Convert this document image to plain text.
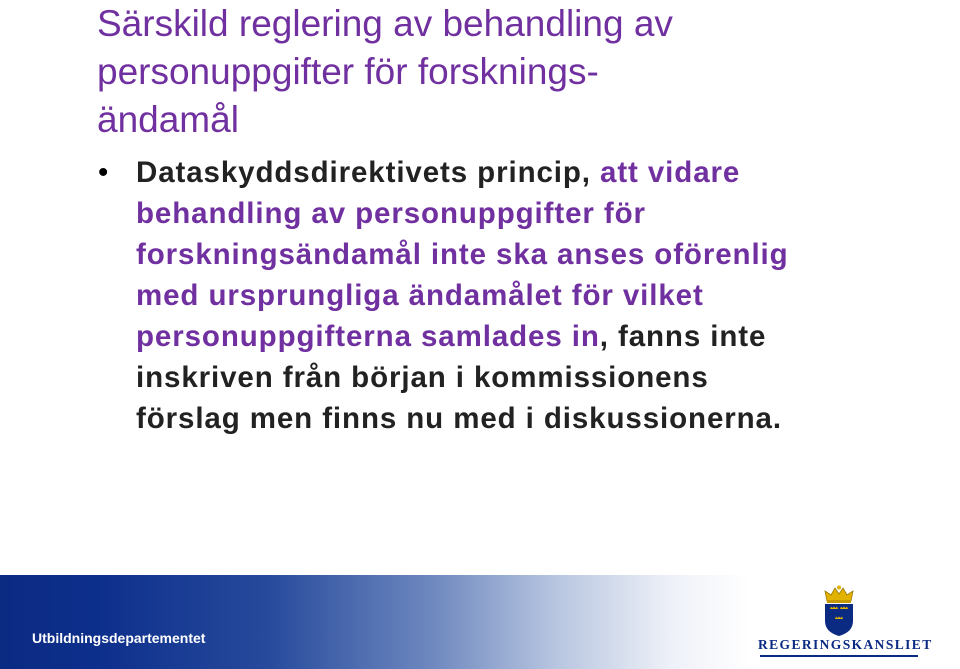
Särskild reglering av behandling av
personuppgifter för forsknings-
ändamål
• Dataskyddsdirektivets princip, att vidare
behandling av personuppgifter för
forskningsändamål inte ska anses oförenlig
med ursprungliga ändamålet för vilket
personuppgifterna samlades in, fanns inte
inskriven från början i kommissionens
förslag men finns nu med i diskussionerna.
Utbildningsdepartementet	REGERINGSKANSLIET
